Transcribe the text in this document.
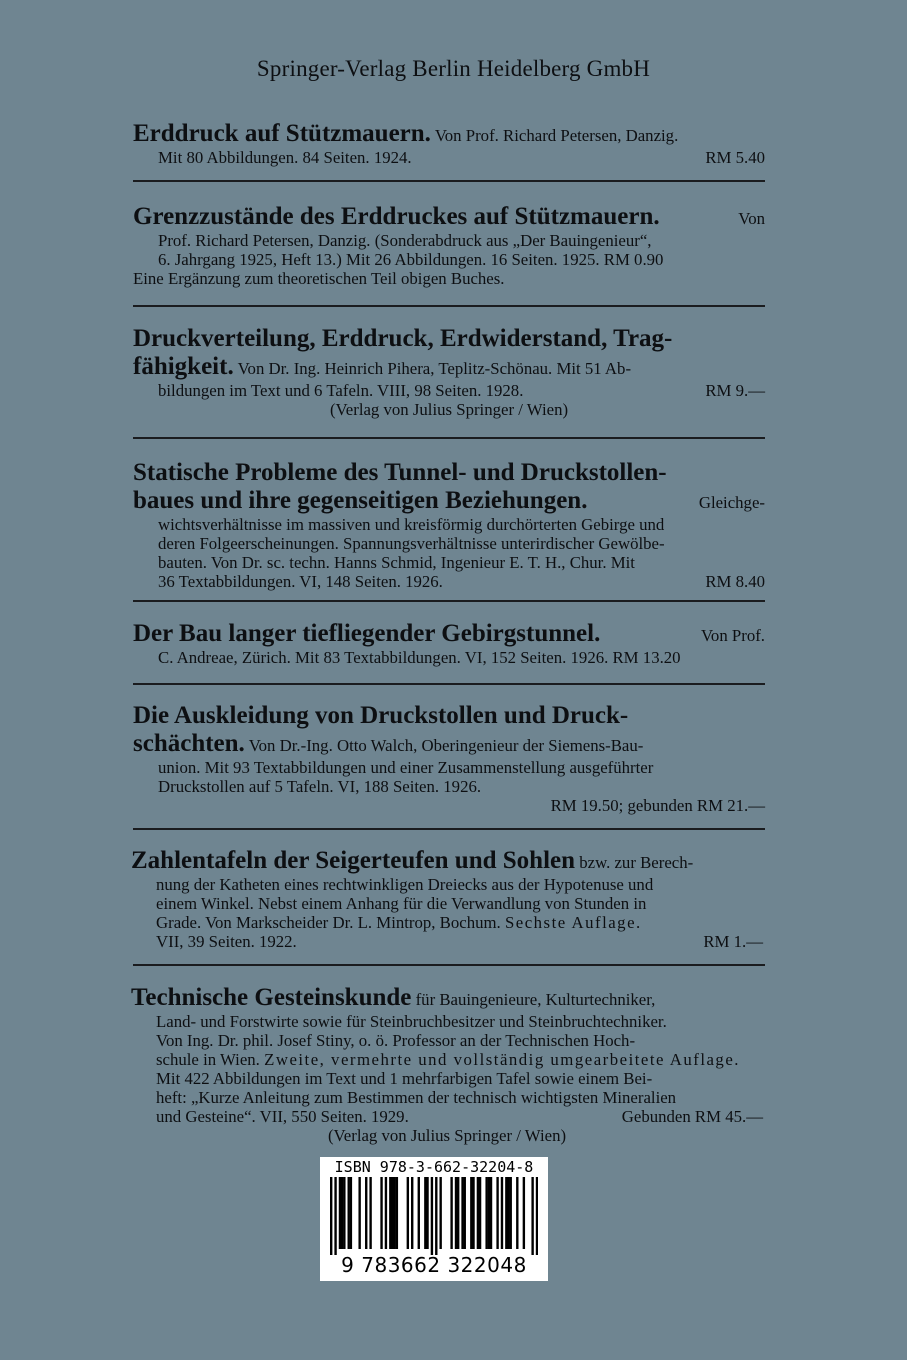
Springer-Verlag Berlin Heidelberg GmbH
Erddruck auf Stützmauern. Von Prof. Richard Petersen, Danzig.
Mit 80 Abbildungen. 84 Seiten. 1924.	RM 5.40
Grenzzustände des Erddruckes auf Stützmauern.	Von
Prof. Richard Petersen, Danzig. (Sonderabdruck aus „Der Bauingenieur“,
6. Jahrgang 1925, Heft 13.) Mit 26 Abbildungen. 16 Seiten. 1925. RM 0.90
Eine Ergänzung zum theoretischen Teil obigen Buches.
Druckverteilung, Erddruck, Erdwiderstand, Trag-
fähigkeit. Von Dr. Ing. Heinrich Pihera, Teplitz-Schönau. Mit 51 Ab-
bildungen im Text und 6 Tafeln. VIII, 98 Seiten. 1928.	RM 9.—
(Verlag von Julius Springer / Wien)
Statische Probleme des Tunnel- und Druckstollen-
baues und ihre gegenseitigen Beziehungen.	Gleichge-
wichtsverhältnisse im massiven und kreisförmig durchörterten Gebirge und
deren Folgeerscheinungen. Spannungsverhältnisse unterirdischer Gewölbe-
bauten. Von Dr. sc. techn. Hanns Schmid, Ingenieur E. T. H., Chur. Mit
36 Textabbildungen. VI, 148 Seiten. 1926.	RM 8.40
Der Bau langer tiefliegender Gebirgstunnel.	Von Prof.
C. Andreae, Zürich. Mit 83 Textabbildungen. VI, 152 Seiten. 1926. RM 13.20
Die Auskleidung von Druckstollen und Druck-
schächten. Von Dr.-Ing. Otto Walch, Oberingenieur der Siemens-Bau-
union. Mit 93 Textabbildungen und einer Zusammenstellung ausgeführter
Druckstollen auf 5 Tafeln. VI, 188 Seiten. 1926.
RM 19.50; gebunden RM 21.—
Zahlentafeln der Seigerteufen und Sohlen bzw. zur Berech-
nung der Katheten eines rechtwinkligen Dreiecks aus der Hypotenuse und
einem Winkel. Nebst einem Anhang für die Verwandlung von Stunden in
Grade. Von Markscheider Dr. L. Mintrop, Bochum. Sechste Auflage.
VII, 39 Seiten. 1922.	RM 1.—
Technische Gesteinskunde für Bauingenieure, Kulturtechniker,
Land- und Forstwirte sowie für Steinbruchbesitzer und Steinbruchtechniker.
Von Ing. Dr. phil. Josef Stiny, o. ö. Professor an der Technischen Hoch-
schule in Wien. Zweite, vermehrte und vollständig umgearbeitete Auflage.
Mit 422 Abbildungen im Text und 1 mehrfarbigen Tafel sowie einem Bei-
heft: „Kurze Anleitung zum Bestimmen der technisch wichtigsten Mineralien
und Gesteine“. VII, 550 Seiten. 1929.	Gebunden RM 45.—
(Verlag von Julius Springer / Wien)
ISBN 978-3-662-32204-8
9 783662 322048
